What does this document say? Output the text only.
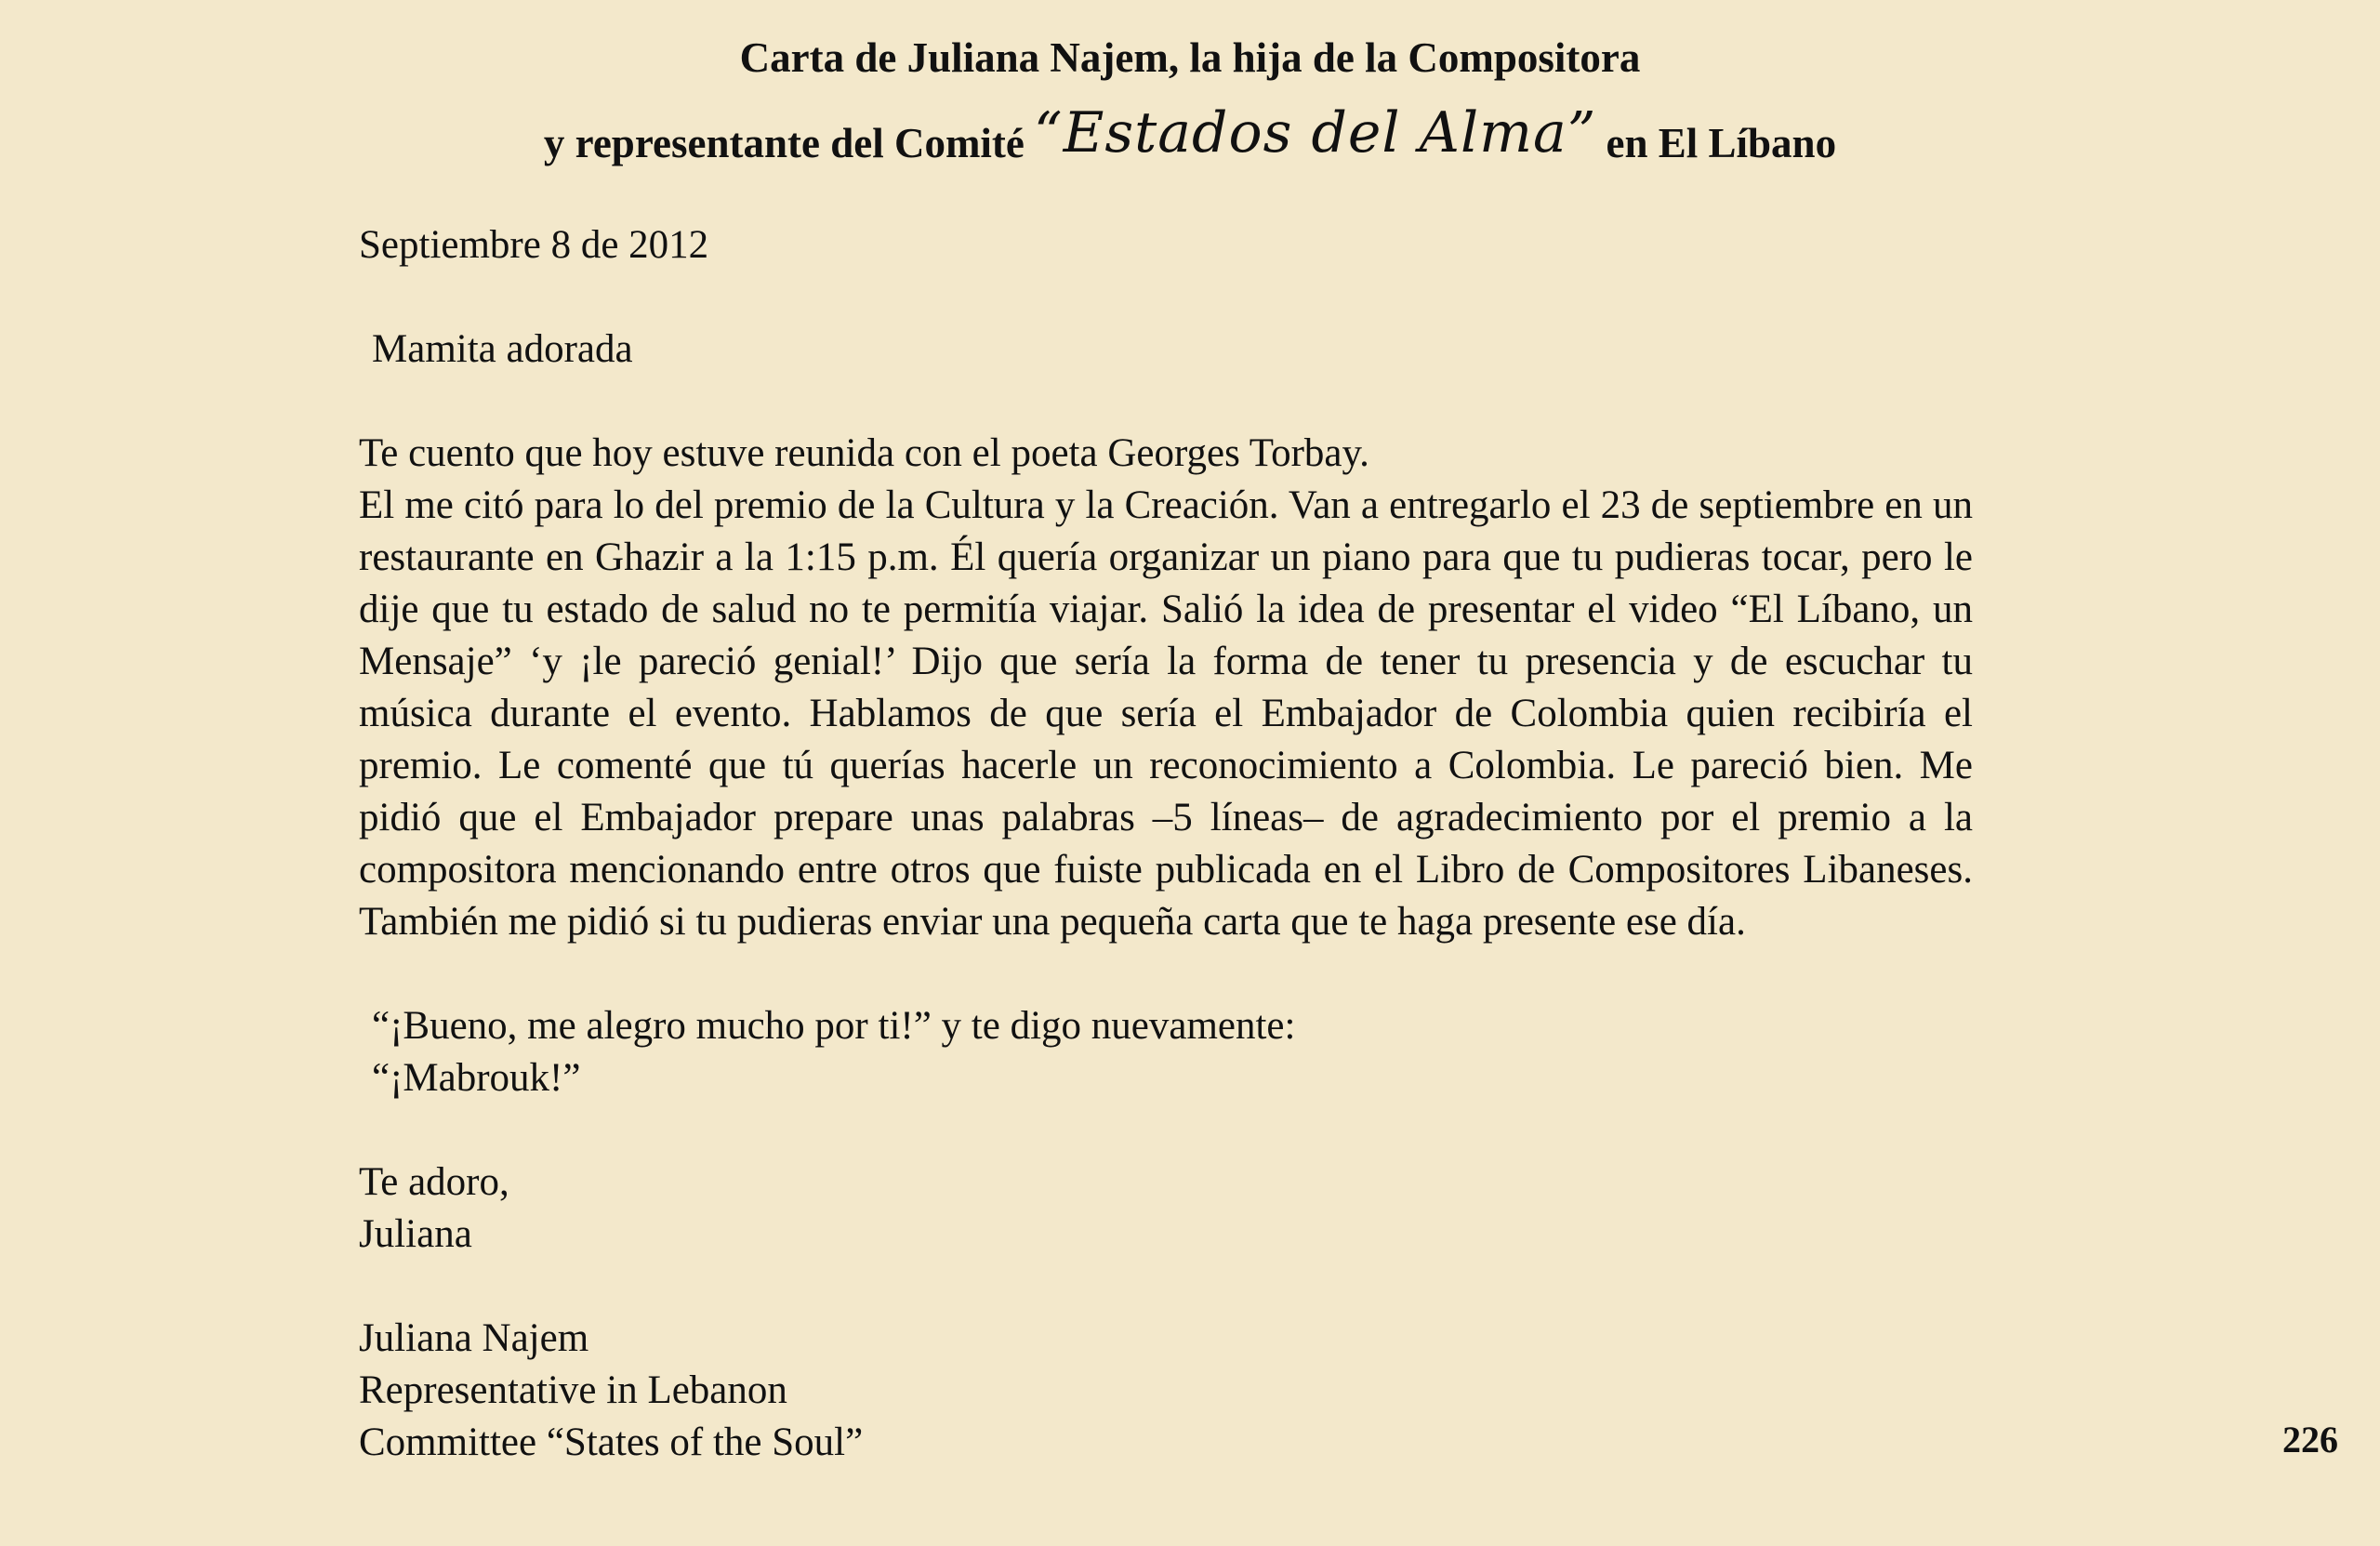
Carta de Juliana Najem, la hija de la Compositora
y representante del Comité “Estados del Alma” en El Líbano

Septiembre 8 de 2012

Mamita adorada

Te cuento que hoy estuve reunida con el poeta Georges Torbay.

El me citó para lo del premio de la Cultura y la Creación. Van a entregarlo el 23 de septiembre en un restaurante en Ghazir a la 1:15 p.m. Él quería organizar un piano para que tu pudieras tocar, pero le dije que tu estado de salud no te permitía viajar. Salió la idea de presentar el video “El Líbano, un Mensaje” ‘y ¡le pareció genial!’ Dijo que sería la forma de tener tu presencia y de escuchar tu música durante el evento. Hablamos de que sería el Embajador de Colombia quien recibiría el premio. Le comenté que tú querías hacerle un reconocimiento a Colombia. Le pareció bien. Me pidió que el Embajador prepare unas palabras –5 líneas– de agradecimiento por el premio a la compositora mencionando entre otros que fuiste publicada en el Libro de Compositores Libaneses. También me pidió si tu pudieras enviar una pequeña carta que te haga presente ese día.

“¡Bueno, me alegro mucho por ti!” y te digo nuevamente:

“¡Mabrouk!”

Te adoro,

Juliana

Juliana Najem

Representative in Lebanon

Committee “States of the Soul”	226
